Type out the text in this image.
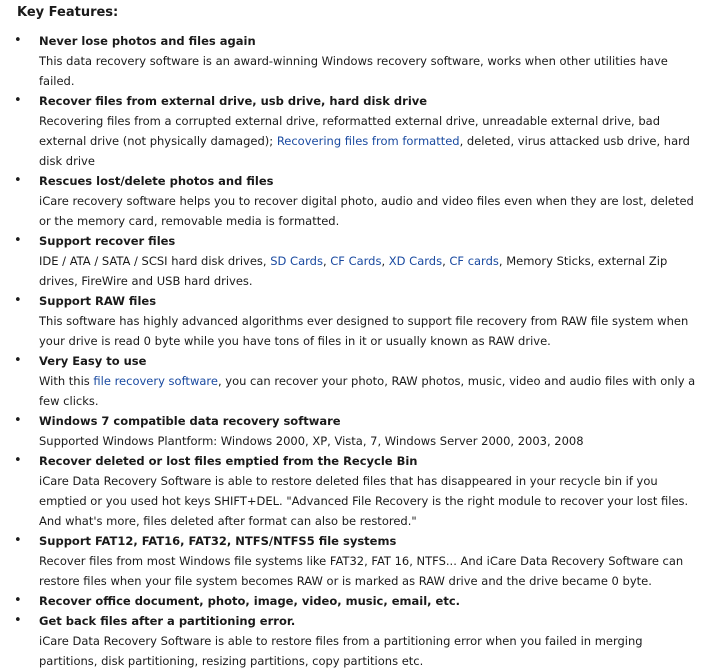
Key Features:
• Never lose photos and files again
This data recovery software is an award-winning Windows recovery software, works when other utilities have failed.
• Recover files from external drive, usb drive, hard disk drive
Recovering files from a corrupted external drive, reformatted external drive, unreadable external drive, bad external drive (not physically damaged); Recovering files from formatted, deleted, virus attacked usb drive, hard disk drive
• Rescues lost/delete photos and files
iCare recovery software helps you to recover digital photo, audio and video files even when they are lost, deleted or the memory card, removable media is formatted.
• Support recover files
IDE / ATA / SATA / SCSI hard disk drives, SD Cards, CF Cards, XD Cards, CF cards, Memory Sticks, external Zip drives, FireWire and USB hard drives.
• Support RAW files
This software has highly advanced algorithms ever designed to support file recovery from RAW file system when your drive is read 0 byte while you have tons of files in it or usually known as RAW drive.
• Very Easy to use
With this file recovery software, you can recover your photo, RAW photos, music, video and audio files with only a few clicks.
• Windows 7 compatible data recovery software
Supported Windows Plantform: Windows 2000, XP, Vista, 7, Windows Server 2000, 2003, 2008
• Recover deleted or lost files emptied from the Recycle Bin
iCare Data Recovery Software is able to restore deleted files that has disappeared in your recycle bin if you emptied or you used hot keys SHIFT+DEL. "Advanced File Recovery is the right module to recover your lost files. And what's more, files deleted after format can also be restored."
• Support FAT12, FAT16, FAT32, NTFS/NTFS5 file systems
Recover files from most Windows file systems like FAT32, FAT 16, NTFS... And iCare Data Recovery Software can restore files when your file system becomes RAW or is marked as RAW drive and the drive became 0 byte.
• Recover office document, photo, image, video, music, email, etc.
• Get back files after a partitioning error.
iCare Data Recovery Software is able to restore files from a partitioning error when you failed in merging partitions, disk partitioning, resizing partitions, copy partitions etc.
